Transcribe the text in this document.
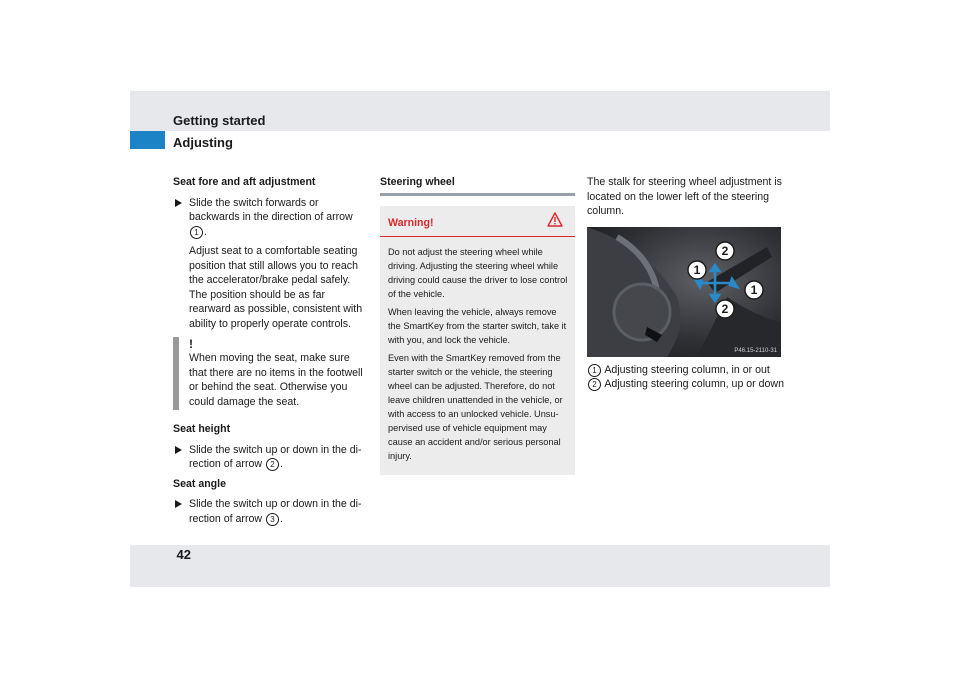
Getting started
Adjusting

Seat fore and aft adjustment

Slide the switch forwards or backwards in the direction of arrow 1 .

Adjust seat to a comfortable seating position that still allows you to reach the accelerator/brake pedal safely. The position should be as far rearward as possible, consistent with ability to properly operate controls.

!
When moving the seat, make sure that there are no items in the footwell or behind the seat. Otherwise you could damage the seat.

Seat height

Slide the switch up or down in the di-rection of arrow 2 .

Seat angle

Slide the switch up or down in the di-rection of arrow 3 .

Steering wheel

Warning!

Do not adjust the steering wheel while driving. Adjusting the steering wheel while driving could cause the driver to lose control of the vehicle.

When leaving the vehicle, always remove the SmartKey from the starter switch, take it with you, and lock the vehicle.

Even with the SmartKey removed from the starter switch or the vehicle, the steering wheel can be adjusted. Therefore, do not leave children unattended in the vehicle, or with access to an unlocked vehicle. Unsu-pervised use of vehicle equipment may cause an accident and/or serious personal injury.

The stalk for steering wheel adjustment is located on the lower left of the steering column.

2
1
1
2
P46.15-2110-31

1 Adjusting steering column, in or out

2 Adjusting steering column, up or down

42
